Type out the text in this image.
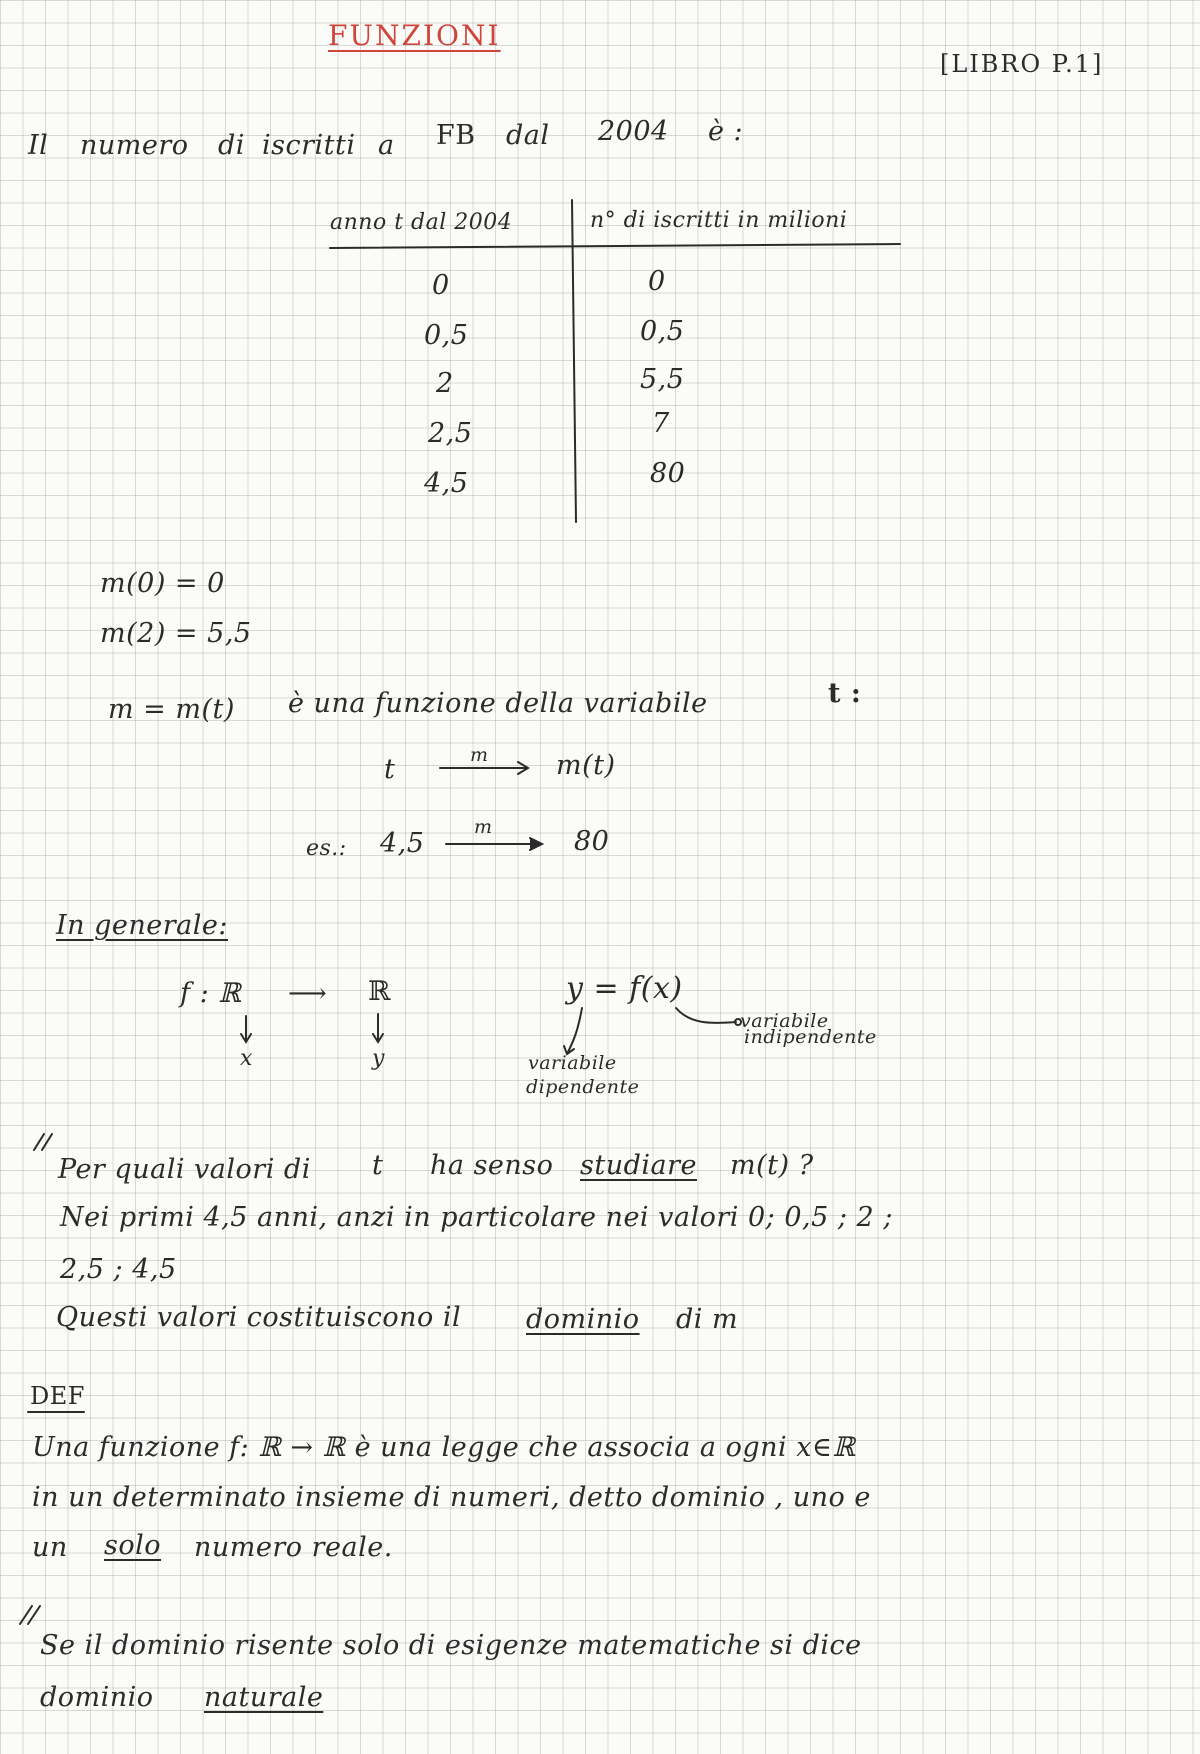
FUNZIONI
[LIBRO P.1]
Il numero di iscritti a FB dal 2004 è :
anno t dal 2004	n° di iscritti in milioni
0	0
0,5	0,5
2	5,5
2,5	7
4,5	80
m(0) = 0
m(2) = 5,5
m = m(t) è una funzione della variabile	t :
t	m m(t)
es.: 4,5
m	80
In generale:
f : ℝ ⟶ ℝ
x	y
y = f(x)
variabile
indipendente
variabile
dipendente
Per quali valori di t ha senso studiare m(t) ?
Nei primi 4,5 anni, anzi in particolare nei valori 0; 0,5 ; 2 ;
2,5 ; 4,5
Questi valori costituiscono il dominio di m
DEF
Una funzione f: ℝ → ℝ è una legge che associa a ogni x∈ℝ
in un determinato insieme di numeri, detto dominio , uno e
un solo numero reale.
Se il dominio risente solo di esigenze matematiche si dice
dominio naturale
